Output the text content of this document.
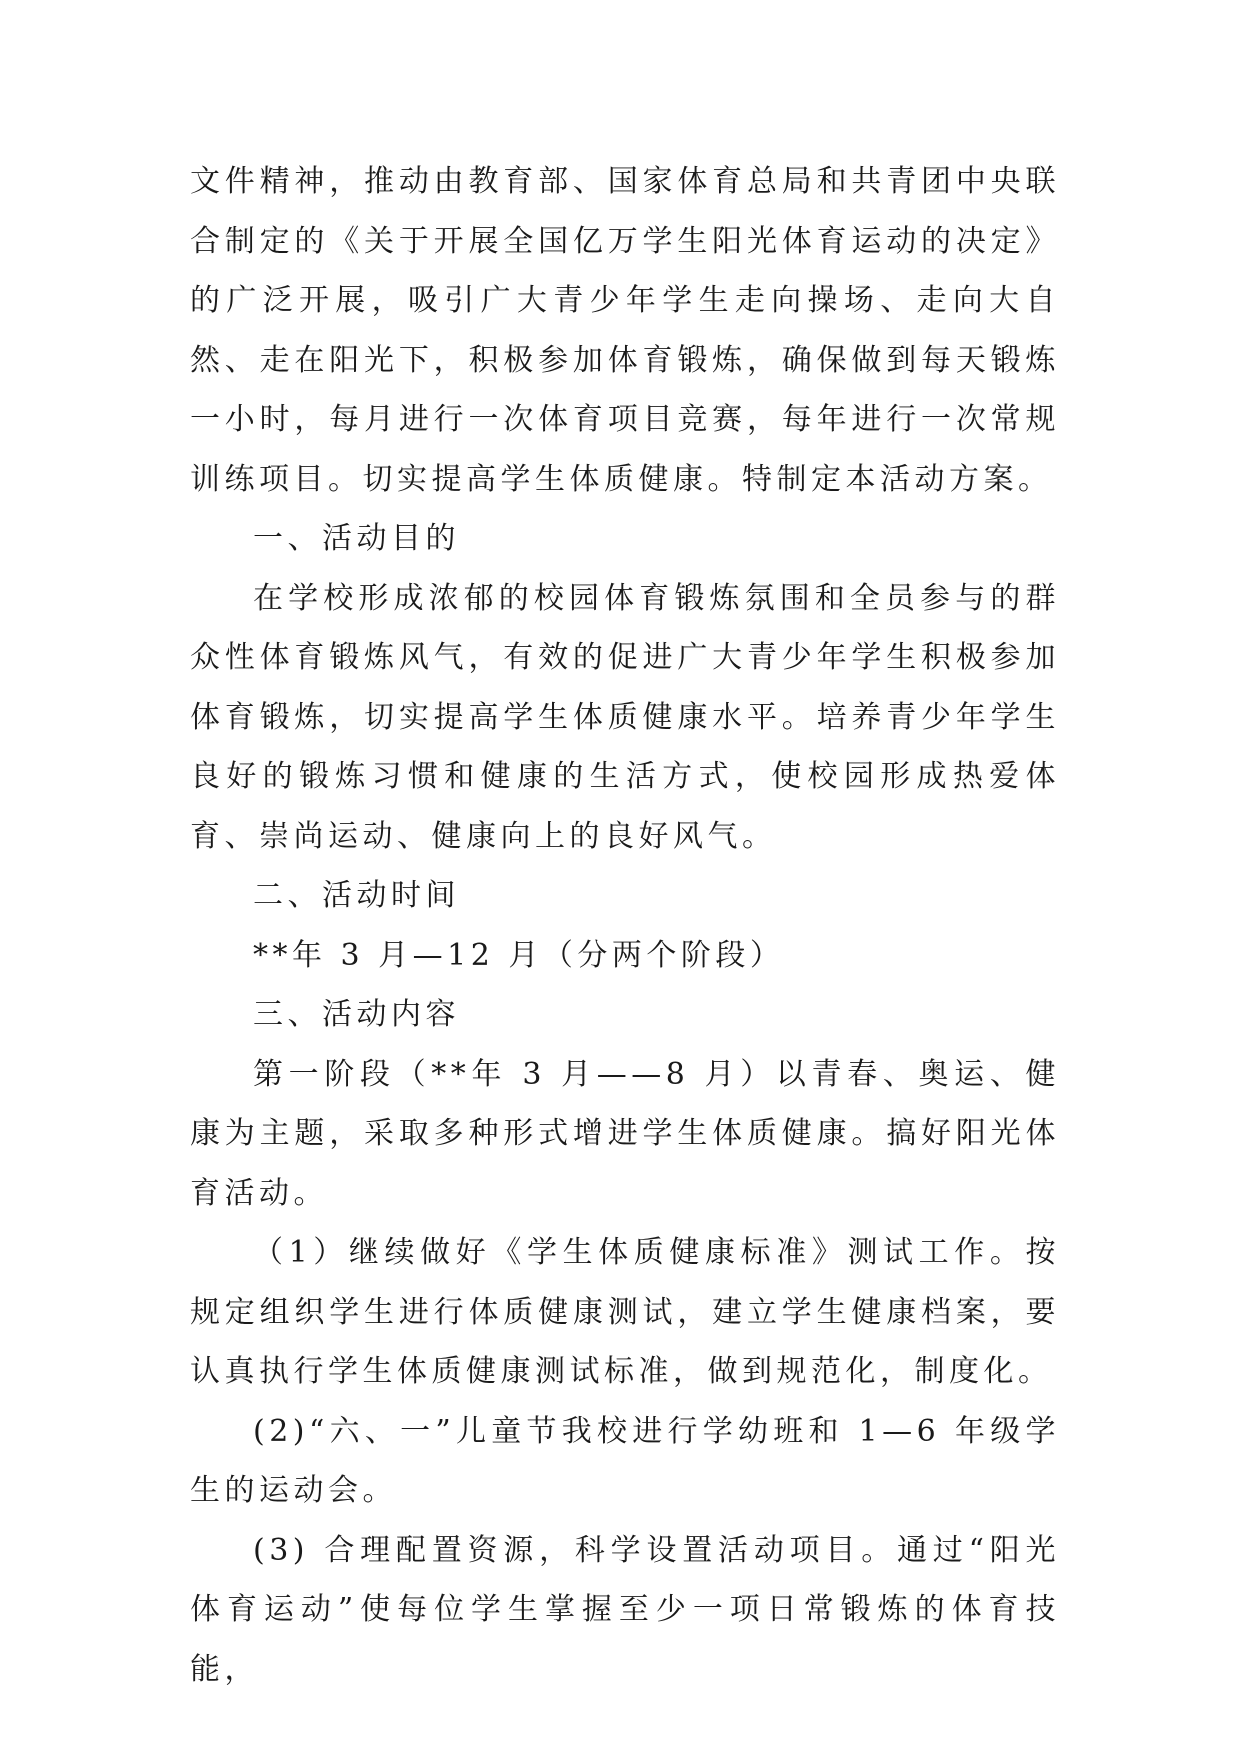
文件精神，推动由教育部、国家体育总局和共青团中央联合制定的《关于开展全国亿万学生阳光体育运动的决定》的广泛开展，吸引广大青少年学生走向操场、走向大自然、走在阳光下，积极参加体育锻炼，确保做到每天锻炼一小时，每月进行一次体育项目竞赛，每年进行一次常规训练项目。切实提高学生体质健康。特制定本活动方案。

一、活动目的

在学校形成浓郁的校园体育锻炼氛围和全员参与的群众性体育锻炼风气，有效的促进广大青少年学生积极参加体育锻炼，切实提高学生体质健康水平。培养青少年学生良好的锻炼习惯和健康的生活方式，使校园形成热爱体育、崇尚运动、健康向上的良好风气。

二、活动时间

**年 3 月—12 月（分两个阶段）

三、活动内容

第一阶段（**年 3 月——8 月）以青春、奥运、健康为主题，采取多种形式增进学生体质健康。搞好阳光体育活动。

（1）继续做好《学生体质健康标准》测试工作。按规定组织学生进行体质健康测试，建立学生健康档案，要认真执行学生体质健康测试标准，做到规范化，制度化。

(2)“六、一”儿童节我校进行学幼班和 1—6 年级学生的运动会。

(3) 合理配置资源，科学设置活动项目。通过“阳光体育运动”使每位学生掌握至少一项日常锻炼的体育技能，
